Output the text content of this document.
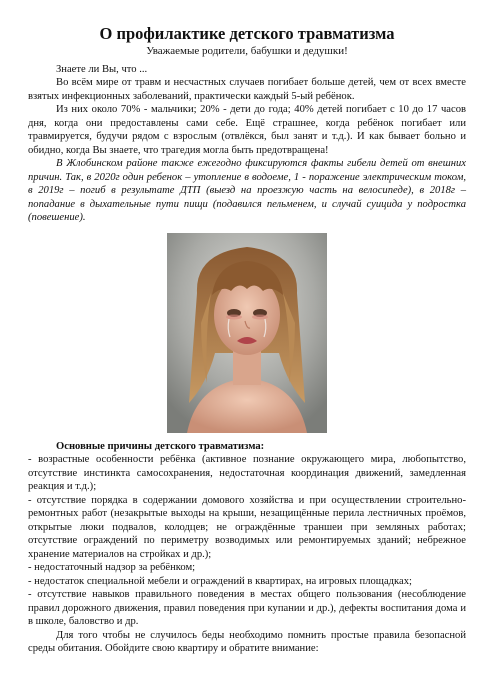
О профилактике детского травматизма
Уважаемые родители, бабушки и дедушки!

Знаете ли Вы, что ...

Во всём мире от травм и несчастных случаев погибает больше детей, чем от всех вместе взятых инфекционных заболеваний, практически каждый 5-ый ребёнок.

Из них около 70% - мальчики; 20% - дети до года; 40% детей погибает с 10 до 17 часов дня, когда они предоставлены сами себе. Ещё страшнее, когда ребёнок погибает или травмируется, будучи рядом с взрослым (отвлёкся, был занят и т.д.). И как бывает больно и обидно, когда Вы знаете, что трагедия могла быть предотвращена!

В Жлобинском районе также ежегодно фиксируются факты гибели детей от внешних причин. Так, в 2020г один ребенок – утопление в водоеме, 1 - поражение электрическим током, в 2019г – погиб в результате ДТП (выезд на проезжую часть на велосипеде), в 2018г – попадание в дыхательные пути пищи (подавился пельменем, и случай суицида у подростка (повешение).

Основные причины детского травматизма:

- возрастные особенности ребёнка (активное познание окружающего мира, любопытство, отсутствие инстинкта самосохранения, недостаточная координация движений, замедленная реакция и т.д.);

- отсутствие порядка в содержании домового хозяйства и при осуществлении строительно-ремонтных работ (незакрытые выходы на крыши, незащищённые перила лестничных проёмов, открытые люки подвалов, колодцев; не ограждённые траншеи при земляных работах; отсутствие ограждений по периметру возводимых или ремонтируемых зданий; небрежное хранение материалов на стройках и др.);

- недостаточный надзор за ребёнком;

- недостаток специальной мебели и ограждений в квартирах, на игровых площадках;

- отсутствие навыков правильного поведения в местах общего пользования (несоблюдение правил дорожного движения, правил поведения при купании и др.), дефекты воспитания дома и в школе, баловство и др.

Для того чтобы не случилось беды необходимо помнить простые правила безопасной среды обитания. Обойдите свою квартиру и обратите внимание:
